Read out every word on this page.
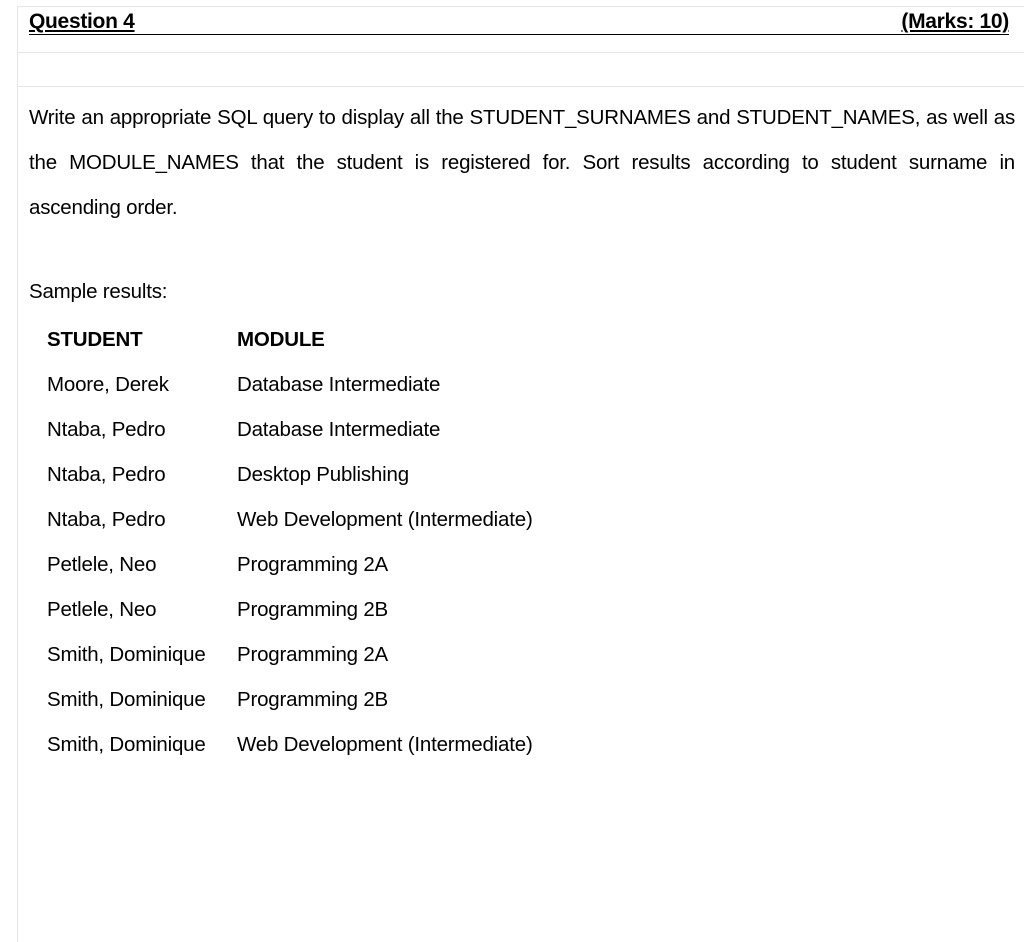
Question 4	(Marks: 10)

Write an appropriate SQL query to display all the STUDENT_SURNAMES and STUDENT_NAMES, as well as the MODULE_NAMES that the student is registered for. Sort results according to student surname in ascending order.

Sample results:
STUDENT	MODULE
Moore, Derek	Database Intermediate
Ntaba, Pedro	Database Intermediate
Ntaba, Pedro	Desktop Publishing
Ntaba, Pedro	Web Development (Intermediate)
Petlele, Neo	Programming 2A
Petlele, Neo	Programming 2B
Smith, Dominique	Programming 2A
Smith, Dominique	Programming 2B
Smith, Dominique	Web Development (Intermediate)
